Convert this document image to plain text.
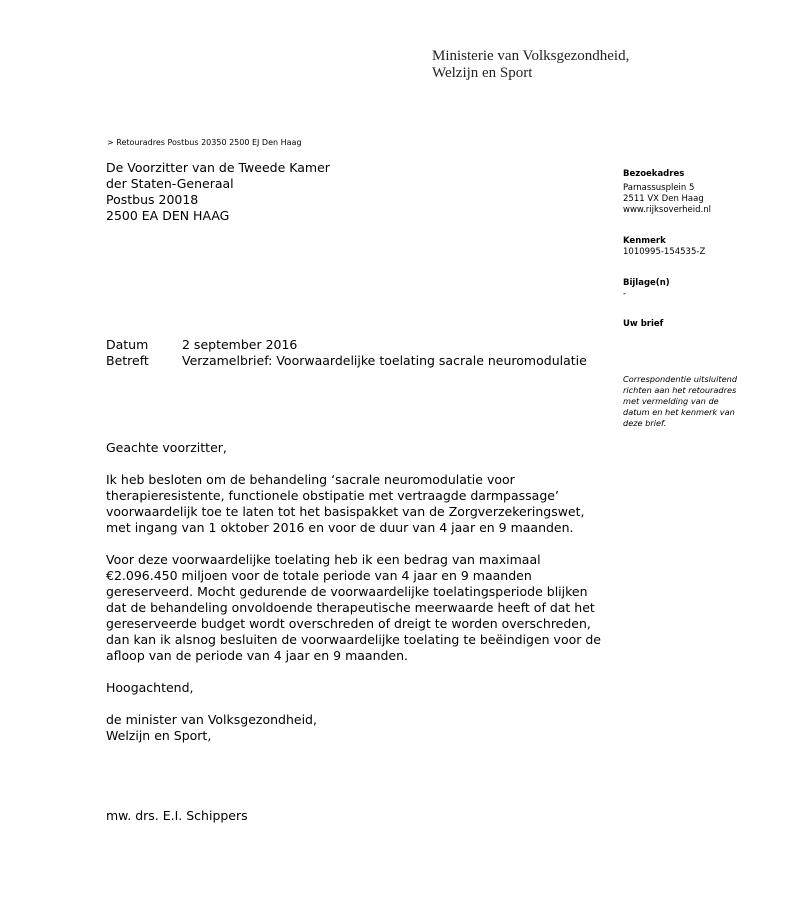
Ministerie van Volksgezondheid,
Welzijn en Sport
> Retouradres Postbus 20350 2500 EJ Den Haag
De Voorzitter van de Tweede Kamer
der Staten-Generaal
Postbus 20018
2500 EA DEN HAAG
Bezoekadres
Parnassusplein 5
2511 VX Den Haag
www.rijksoverheid.nl
Kenmerk
1010995-154535-Z
Bijlage(n)
-
Uw brief
Correspondentie uitsluitend
richten aan het retouradres
met vermelding van de
datum en het kenmerk van
deze brief.
Datum	2 september 2016
Betreft	Verzamelbrief: Voorwaardelijke toelating sacrale neuromodulatie

Geachte voorzitter,

Ik heb besloten om de behandeling ‘sacrale neuromodulatie voor therapieresistente, functionele obstipatie met vertraagde darmpassage’ voorwaardelijk toe te laten tot het basispakket van de Zorgverzekeringswet, met ingang van 1 oktober 2016 en voor de duur van 4 jaar en 9 maanden.

Voor deze voorwaardelijke toelating heb ik een bedrag van maximaal €2.096.450 miljoen voor de totale periode van 4 jaar en 9 maanden gereserveerd. Mocht gedurende de voorwaardelijke toelatingsperiode blijken dat de behandeling onvoldoende therapeutische meerwaarde heeft of dat het gereserveerde budget wordt overschreden of dreigt te worden overschreden, dan kan ik alsnog besluiten de voorwaardelijke toelating te beëindigen voor de afloop van de periode van 4 jaar en 9 maanden.

Hoogachtend,

de minister van Volksgezondheid,
Welzijn en Sport,
mw. drs. E.I. Schippers
